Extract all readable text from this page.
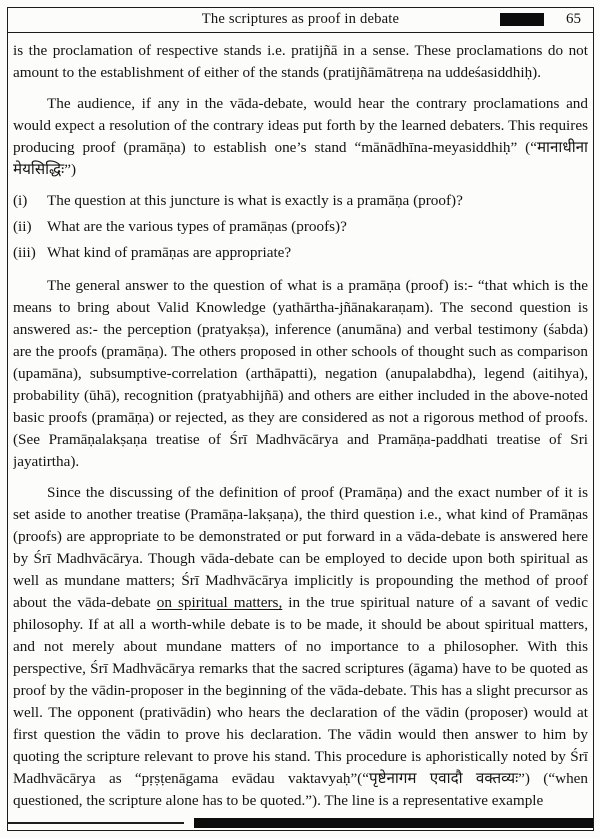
The scriptures as proof in debate	65

is the proclamation of respective stands i.e. pratijñā in a sense. These proclamations do not amount to the establishment of either of the stands (pratijñāmātreṇa na uddeśasiddhiḥ).

The audience, if any in the vāda-debate, would hear the contrary proclamations and would expect a resolution of the contrary ideas put forth by the learned debaters. This requires producing proof (pramāṇa) to establish one’s stand “mānādhīna-meyasiddhiḥ” (“मानाधीना मेयसिद्धिः”)

(i)	The question at this juncture is what is exactly is a pramāṇa (proof)?
(ii)	What are the various types of pramāṇas (proofs)?
(iii) What kind of pramāṇas are appropriate?

The general answer to the question of what is a pramāṇa (proof) is:- “that which is the means to bring about Valid Knowledge (yathārtha-jñānakaraṇam). The second question is answered as:- the perception (pratyakṣa), inference (anumāna) and verbal testimony (śabda) are the proofs (pramāṇa). The others proposed in other schools of thought such as comparison (upamāna), subsumptive-correlation (arthāpatti), negation (anupalabdha), legend (aitihya), probability (ūhā), recognition (pratyabhijñā) and others are either included in the above-noted basic proofs (pramāṇa) or rejected, as they are considered as not a rigorous method of proofs. (See Pramāṇalakṣaṇa treatise of Śrī Madhvācārya and Pramāṇa-paddhati treatise of Sri jayatirtha).

Since the discussing of the definition of proof (Pramāṇa) and the exact number of it is set aside to another treatise (Pramāṇa-lakṣaṇa), the third question i.e., what kind of Pramāṇas (proofs) are appropriate to be demonstrated or put forward in a vāda-debate is answered here by Śrī Madhvācārya. Though vāda-debate can be employed to decide upon both spiritual as well as mundane matters; Śrī Madhvācārya implicitly is propounding the method of proof about the vāda-debate on spiritual matters, in the true spiritual nature of a savant of vedic philosophy. If at all a worth-while debate is to be made, it should be about spiritual matters, and not merely about mundane matters of no importance to a philosopher. With this perspective, Śrī Madhvācārya remarks that the sacred scriptures (āgama) have to be quoted as proof by the vādin-proposer in the beginning of the vāda-debate. This has a slight precursor as well. The opponent (prativādin) who hears the declaration of the vādin (proposer) would at first question the vādin to prove his declaration. The vādin would then answer to him by quoting the scripture relevant to prove his stand. This procedure is aphoristically noted by Śrī Madhvācārya as “pṛṣṭenāgama evādau vaktavyaḥ”(“पृष्टेनागम एवादौ वक्तव्यः”) (“when questioned, the scripture alone has to be quoted.”). The line is a representative example
